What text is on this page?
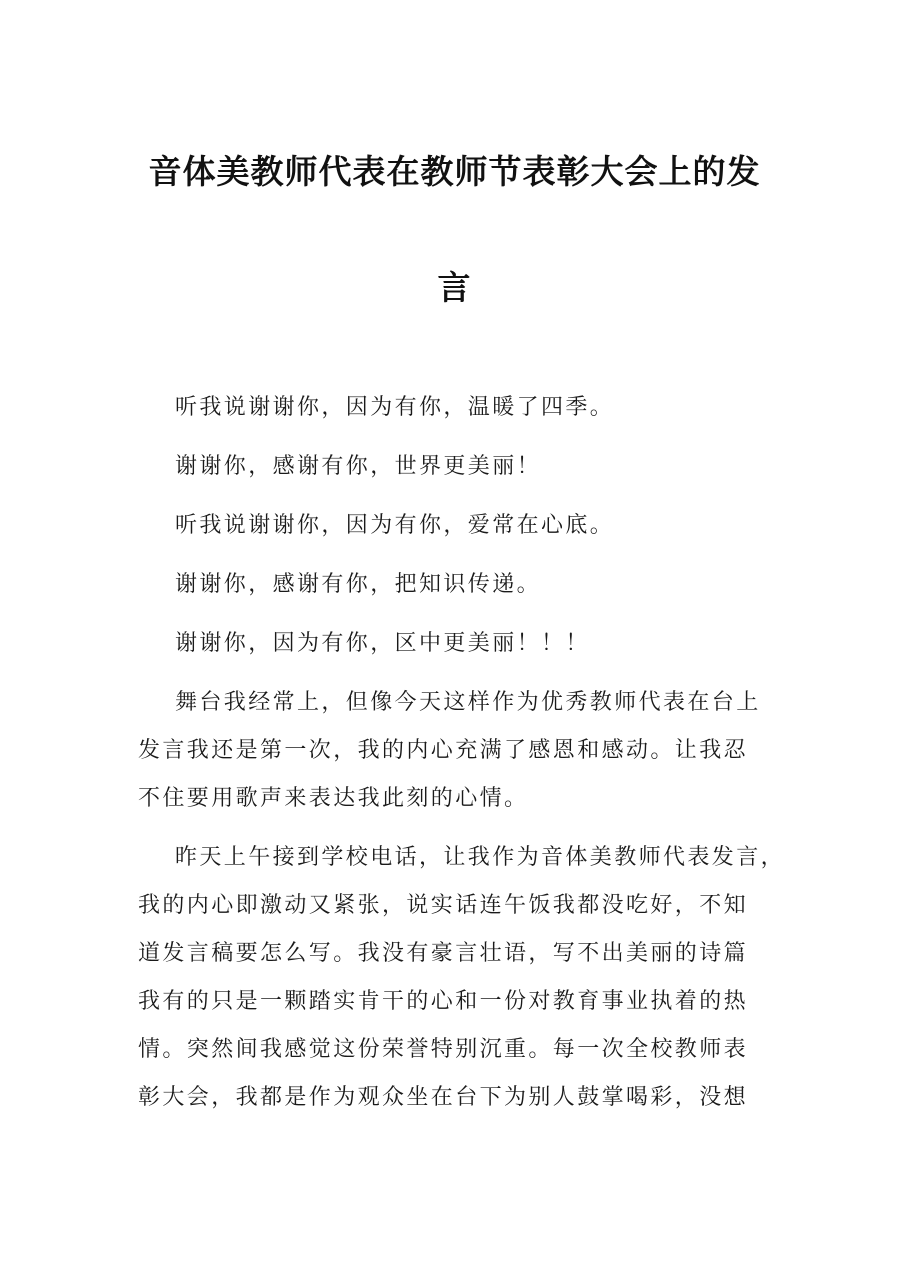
音体美教师代表在教师节表彰大会上的发
言
听我说谢谢你，因为有你，温暖了四季。
谢谢你，感谢有你，世界更美丽！
听我说谢谢你，因为有你，爱常在心底。
谢谢你，感谢有你，把知识传递。
谢谢你，因为有你，区中更美丽！！！
舞台我经常上，但像今天这样作为优秀教师代表在台上
发言我还是第一次，我的内心充满了感恩和感动。让我忍
不住要用歌声来表达我此刻的心情。
昨天上午接到学校电话，让我作为音体美教师代表发言，
我的内心即激动又紧张，说实话连午饭我都没吃好，不知
道发言稿要怎么写。我没有豪言壮语，写不出美丽的诗篇
我有的只是一颗踏实肯干的心和一份对教育事业执着的热
情。突然间我感觉这份荣誉特别沉重。每一次全校教师表
彰大会，我都是作为观众坐在台下为别人鼓掌喝彩，没想
